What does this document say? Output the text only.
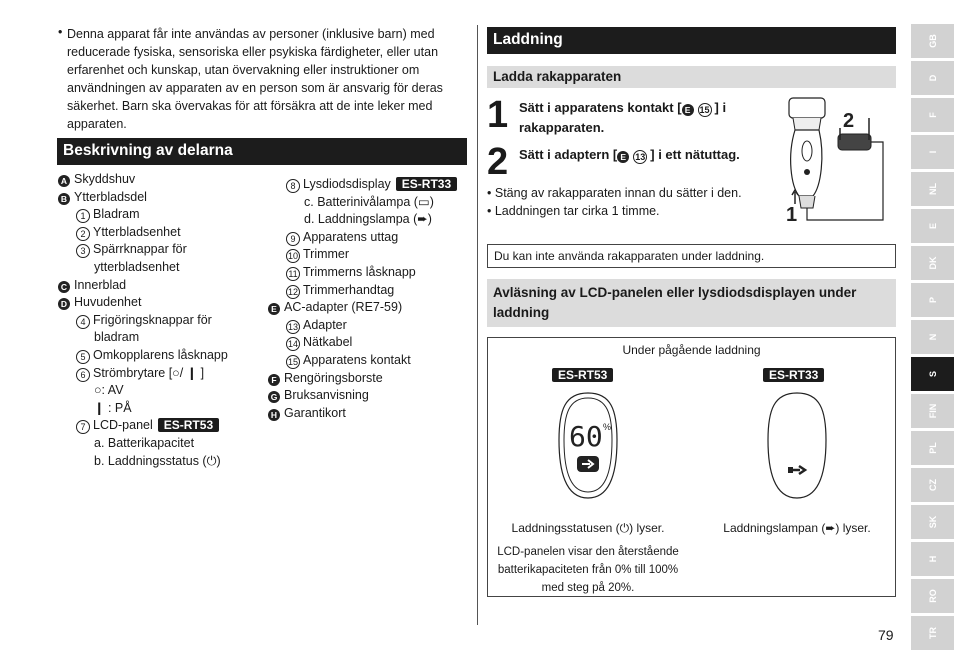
• Denna apparat får inte användas av personer (inklusive barn) med reducerade fysiska, sensoriska eller psykiska färdigheter, eller utan erfarenhet och kunskap, utan övervakning eller instruktioner om användningen av apparaten av en person som är ansvarig för deras säkerhet. Barn ska övervakas för att försäkra att de inte leker med apparaten.
Beskrivning av delarna
A Skyddshuv
B Ytterbladsdel
1 Bladram
2 Ytterbladsenhet
3 Spärrknappar för
ytterbladsenhet
C Innerblad
D Huvudenhet
4 Frigöringsknappar för
bladram
5 Omkopplarens låsknapp
6 Strömbrytare [○/ ❙ ]
○: AV
❙ : PÅ
7 LCD-panel ES-RT53
a. Batterikapacitet
b. Laddningsstatus (⏻)
8 Lysdiodsdisplay ES-RT33
c. Batterinivålampa (▭)
d. Laddningslampa (➨)
9 Apparatens uttag
10 Trimmer
11 Trimmerns låsknapp
12 Trimmerhandtag
E AC-adapter (RE7-59)
13 Adapter
14 Nätkabel
15 Apparatens kontakt
F Rengöringsborste
G Bruksanvisning
H Garantikort
Laddning
Ladda rakapparaten
1 Sätt i apparatens kontakt [ E 15 ] i rakapparaten.
2 Sätt i adaptern [ E 13 ] i ett nätuttag.
• Stäng av rakapparaten innan du sätter i den.
• Laddningen tar cirka 1 timme.
2
1
Du kan inte använda rakapparaten under laddning.
Avläsning av LCD-panelen eller lysdiodsdisplayen under laddning
Under pågående laddning
ES-RT53	ES-RT33
60 %
Laddningsstatusen (⏻) lyser.	Laddningslampan (➨) lyser.
LCD-panelen visar den återstående batterikapaciteten från 0% till 100% med steg på 20%.
GB
D
F
I
NL
E
DK
P
N
S
FIN
PL
CZ
SK
H
RO
TR
79
